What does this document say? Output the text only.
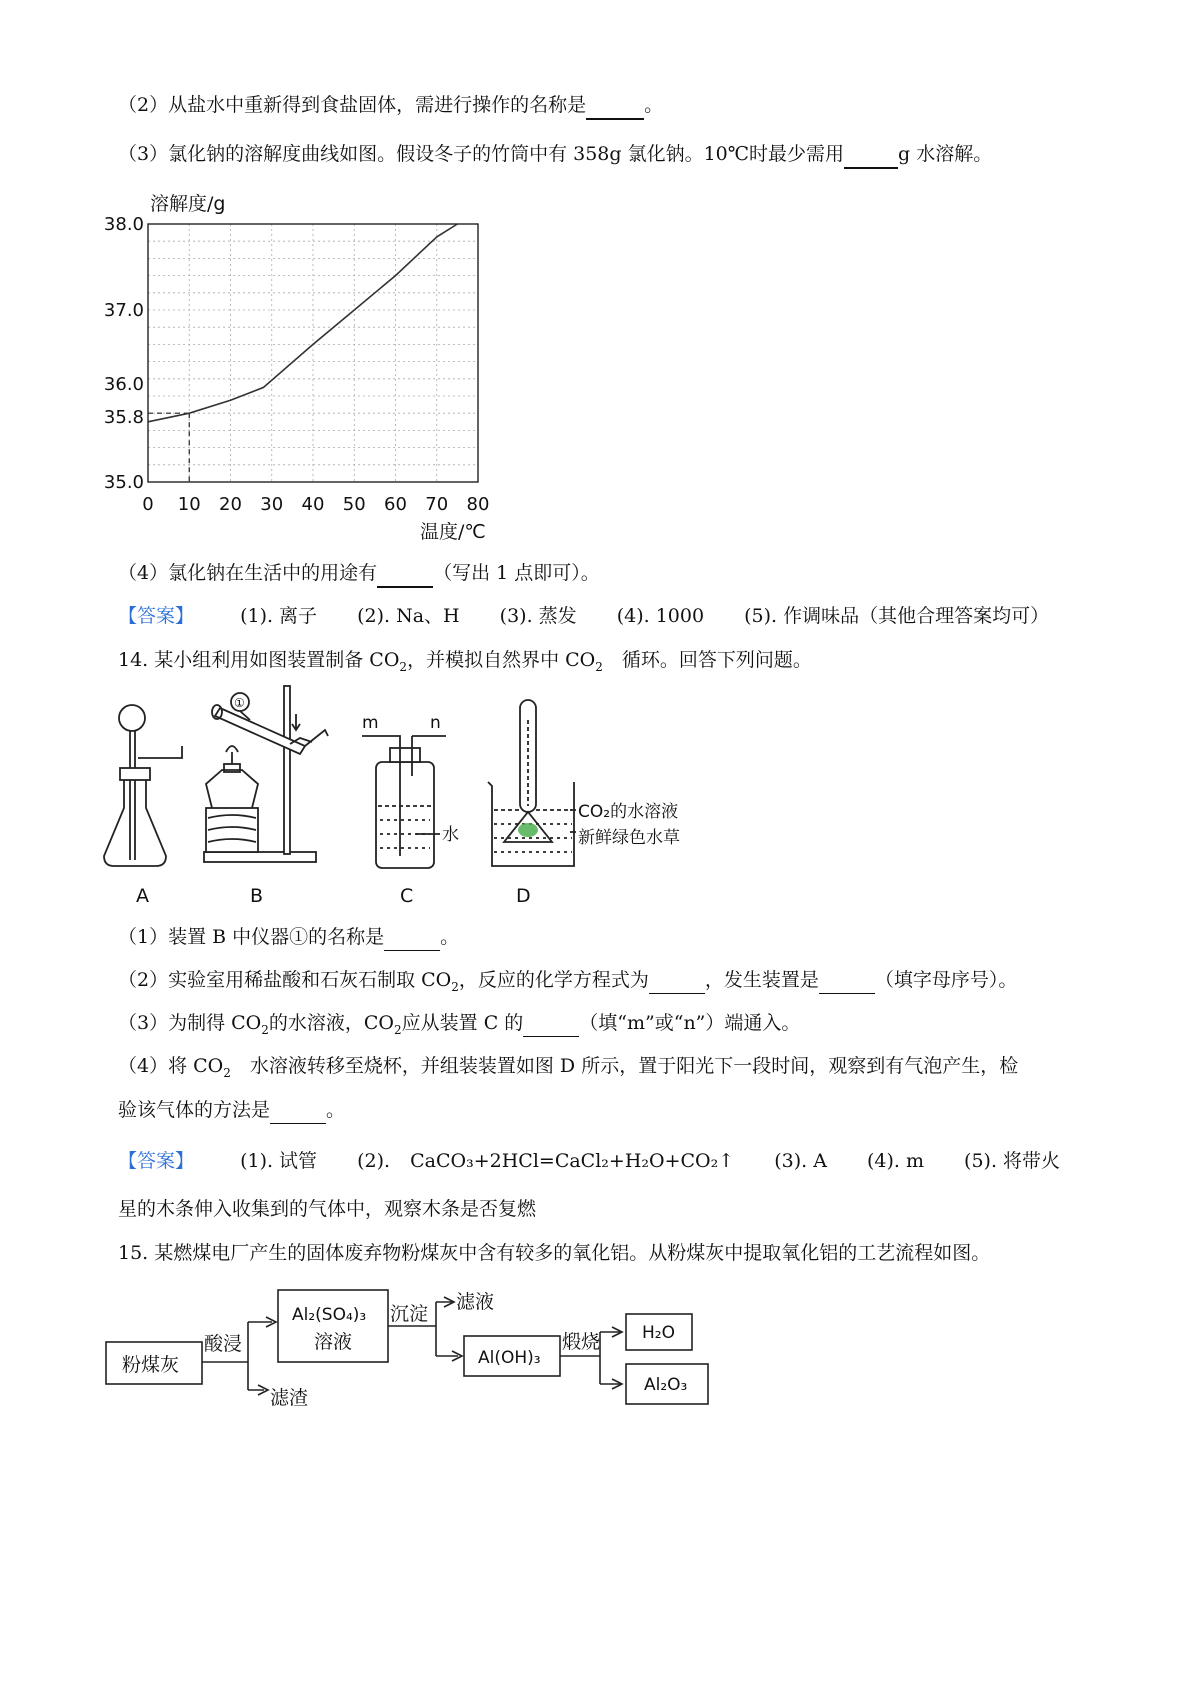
（2）从盐水中重新得到食盐固体，需进行操作的名称是	。
（3）氯化钠的溶解度曲线如图。假设冬子的竹筒中有 358g 氯化钠。10℃时最少需用	g 水溶解。
溶解度/g
0 10 20 30 40 50 60 70 80
38.0
37.0
36.0
35.8
35.0
温度/℃
（4）氯化钠在生活中的用途有	（写出 1 点即可）。
【答案】 (1). 离子 (2). Na、H (3). 蒸发 (4). 1000 (5). 作调味品（其他合理答案均可）
14. 某小组利用如图装置制备 $CO_2$，并模拟自然界中 $CO_2$　循环。回答下列问题。
A
①
B
m	n
水
C
CO₂的水溶液
新鲜绿色水草
D
（1）装置 B 中仪器①的名称是	。
（2）实验室用稀盐酸和石灰石制取 $CO_2$，反应的化学方程式为	，发生装置是	（填字母序号）。
（3）为制得 $CO_2$的水溶液，$CO_2$应从装置 C 的	（填“m”或“n”）端通入。
（4）将 $CO_2$　水溶液转移至烧杯，并组装装置如图 D 所示，置于阳光下一段时间，观察到有气泡产生，检
验该气体的方法是	。
【答案】 (1). 试管 (2). CaCO₃+2HCl=CaCl₂+H₂O+CO₂↑ (3). A (4). m (5). 将带火
星的木条伸入收集到的气体中，观察木条是否复燃
15. 某燃煤电厂产生的固体废弃物粉煤灰中含有较多的氧化铝。从粉煤灰中提取氧化铝的工艺流程如图。
粉煤灰
酸浸
Al₂(SO₄)₃
溶液
滤渣
沉淀
滤液
Al(OH)₃
煅烧 H₂O
Al₂O₃
